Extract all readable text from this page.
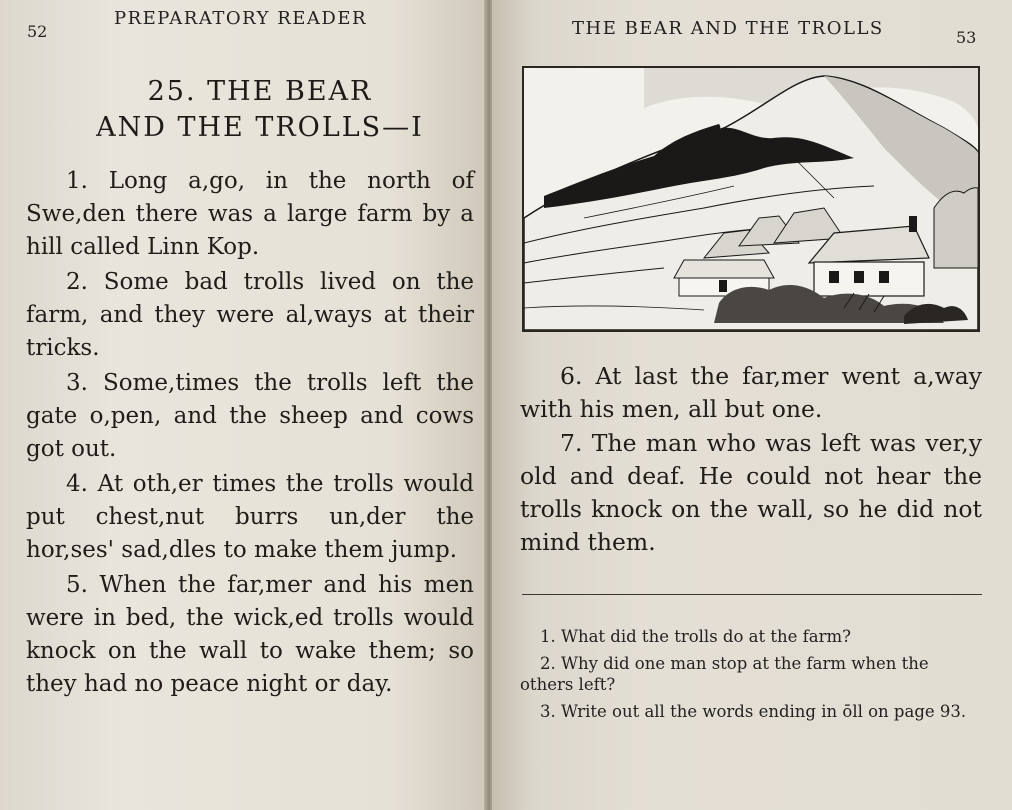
52
PREPARATORY READER
25. THE BEAR
AND THE TROLLS—I

1. Long a,go, in the north of Swe,den there was a large farm by a hill called Linn Kop.

2. Some bad trolls lived on the farm, and they were al,ways at their tricks.

3. Some,times the trolls left the gate o,pen, and the sheep and cows got out.

4. At oth,er times the trolls would put chest,nut burrs un,der the hor,ses' sad,dles to make them jump.

5. When the far,mer and his men were in bed, the wick,ed trolls would knock on the wall to wake them; so they had no peace night or day.

THE BEAR AND THE TROLLS	53

6. At last the far,mer went a,way with his men, all but one.

7. The man who was left was ver,y old and deaf. He could not hear the trolls knock on the wall, so he did not mind them.

1. What did the trolls do at the farm?
2. Why did one man stop at the farm when the others left?
3. Write out all the words ending in ōll on page 93.
